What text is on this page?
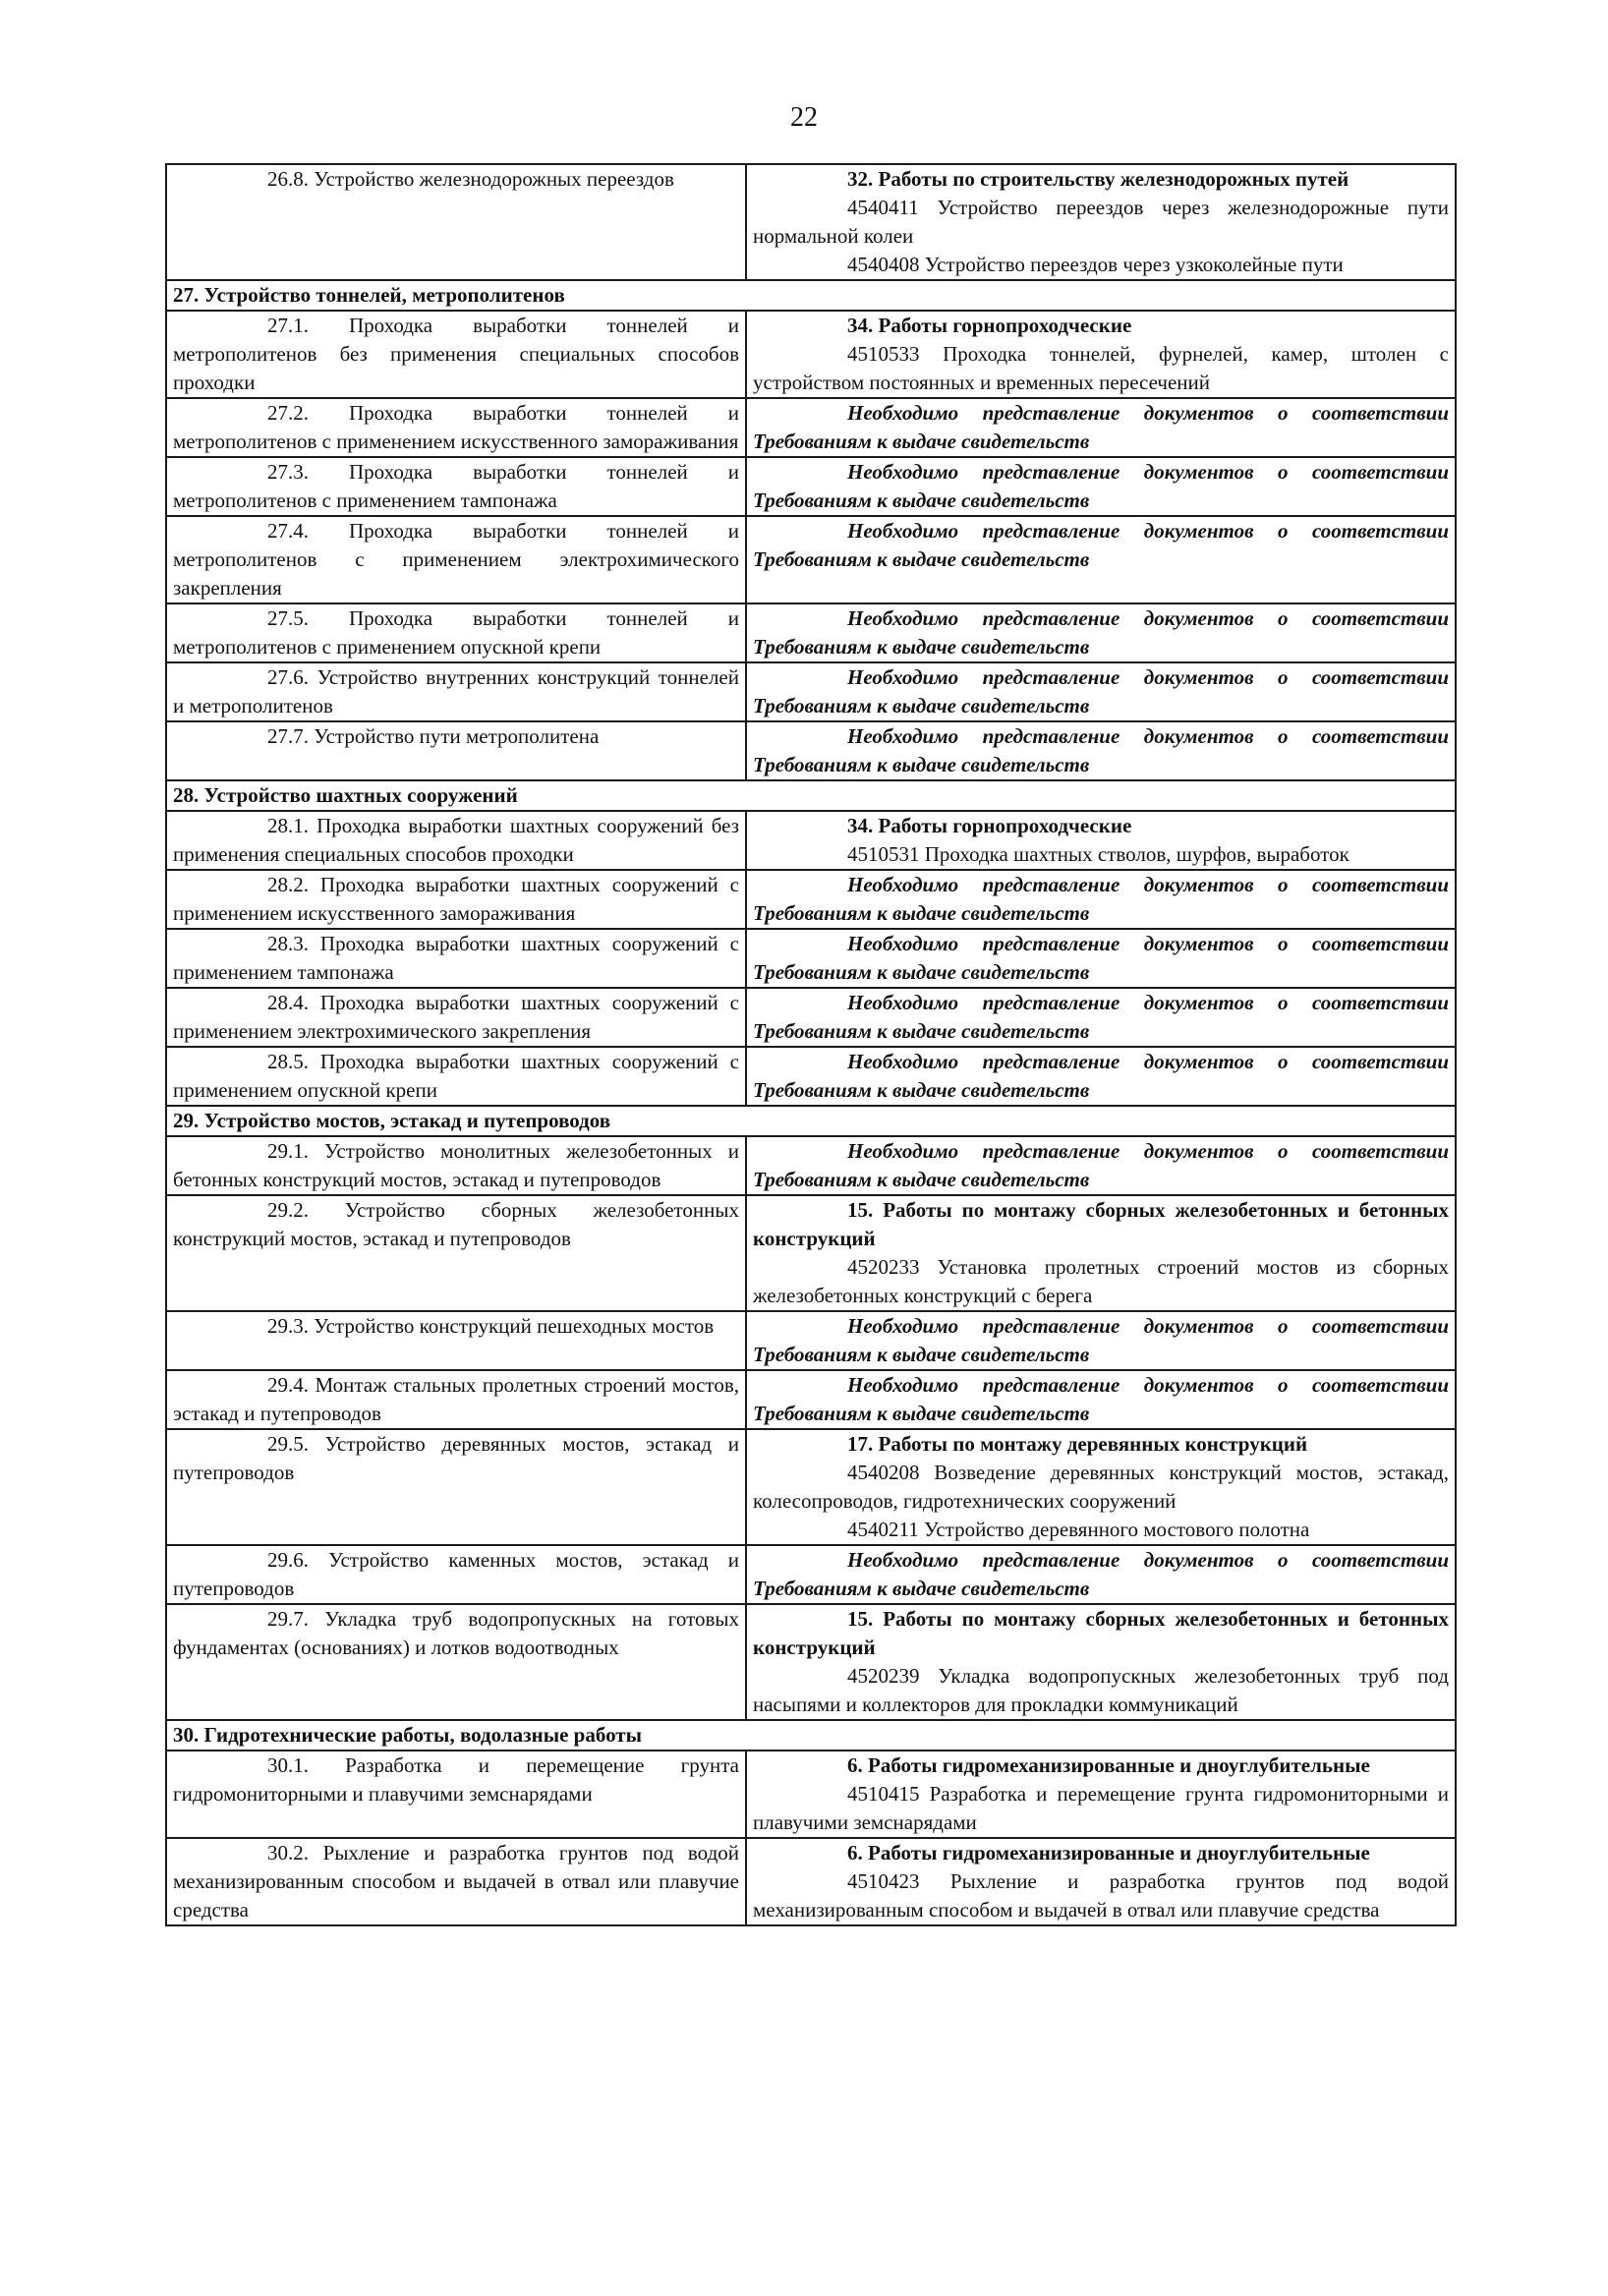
22
26.8. Устройство железнодорожных переездов	32. Работы по строительству железнодорожных путей
4540411 Устройство переездов через железнодорожные пути нормальной колеи
4540408 Устройство переездов через узкоколейные пути

27. Устройство тоннелей, метрополитенов	
27.1. Проходка выработки тоннелей и метрополитенов без применения специальных способов проходки	34. Работы горнопроходческие
4510533 Проходка тоннелей, фурнелей, камер, штолен с устройством постоянных и временных пересечений

27.2. Проходка выработки тоннелей и метрополитенов с применением искусственного замораживания	Необходимо представление документов о соответствии Требованиям к выдаче свидетельств

27.3. Проходка выработки тоннелей и метрополитенов с применением тампонажа	Необходимо представление документов о соответствии Требованиям к выдаче свидетельств

27.4. Проходка выработки тоннелей и метрополитенов с применением электрохимического закрепления	Необходимо представление документов о соответствии Требованиям к выдаче свидетельств

27.5. Проходка выработки тоннелей и метрополитенов с применением опускной крепи	Необходимо представление документов о соответствии Требованиям к выдаче свидетельств

27.6. Устройство внутренних конструкций тоннелей и метрополитенов	Необходимо представление документов о соответствии Требованиям к выдаче свидетельств

27.7. Устройство пути метрополитена	Необходимо представление документов о соответствии Требованиям к выдаче свидетельств

28. Устройство шахтных сооружений	
28.1. Проходка выработки шахтных сооружений без применения специальных способов проходки	34. Работы горнопроходческие
4510531 Проходка шахтных стволов, шурфов, выработок

28.2. Проходка выработки шахтных сооружений с применением искусственного замораживания	Необходимо представление документов о соответствии Требованиям к выдаче свидетельств

28.3. Проходка выработки шахтных сооружений с применением тампонажа	Необходимо представление документов о соответствии Требованиям к выдаче свидетельств

28.4. Проходка выработки шахтных сооружений с применением электрохимического закрепления	Необходимо представление документов о соответствии Требованиям к выдаче свидетельств

28.5. Проходка выработки шахтных сооружений с применением опускной крепи	Необходимо представление документов о соответствии Требованиям к выдаче свидетельств

29. Устройство мостов, эстакад и путепроводов	
29.1. Устройство монолитных железобетонных и бетонных конструкций мостов, эстакад и путепроводов	Необходимо представление документов о соответствии Требованиям к выдаче свидетельств

29.2. Устройство сборных железобетонных конструкций мостов, эстакад и путепроводов	15. Работы по монтажу сборных железобетонных и бетонных конструкций
4520233 Установка пролетных строений мостов из сборных железобетонных конструкций с берега

29.3. Устройство конструкций пешеходных мостов	Необходимо представление документов о соответствии Требованиям к выдаче свидетельств

29.4. Монтаж стальных пролетных строений мостов, эстакад и путепроводов	Необходимо представление документов о соответствии Требованиям к выдаче свидетельств

29.5. Устройство деревянных мостов, эстакад и путепроводов	17. Работы по монтажу деревянных конструкций
4540208 Возведение деревянных конструкций мостов, эстакад, колесопроводов, гидротехнических сооружений
4540211 Устройство деревянного мостового полотна

29.6. Устройство каменных мостов, эстакад и путепроводов	Необходимо представление документов о соответствии Требованиям к выдаче свидетельств

29.7. Укладка труб водопропускных на готовых фундаментах (основаниях) и лотков водоотводных	15. Работы по монтажу сборных железобетонных и бетонных конструкций
4520239 Укладка водопропускных железобетонных труб под насыпями и коллекторов для прокладки коммуникаций

30. Гидротехнические работы, водолазные работы	
30.1. Разработка и перемещение грунта гидромониторными и плавучими земснарядами	6. Работы гидромеханизированные и дноуглубительные
4510415 Разработка и перемещение грунта гидромониторными и плавучими земснарядами

30.2. Рыхление и разработка грунтов под водой механизированным способом и выдачей в отвал или плавучие средства	6. Работы гидромеханизированные и дноуглубительные
4510423 Рыхление и разработка грунтов под водой механизированным способом и выдачей в отвал или плавучие средства
